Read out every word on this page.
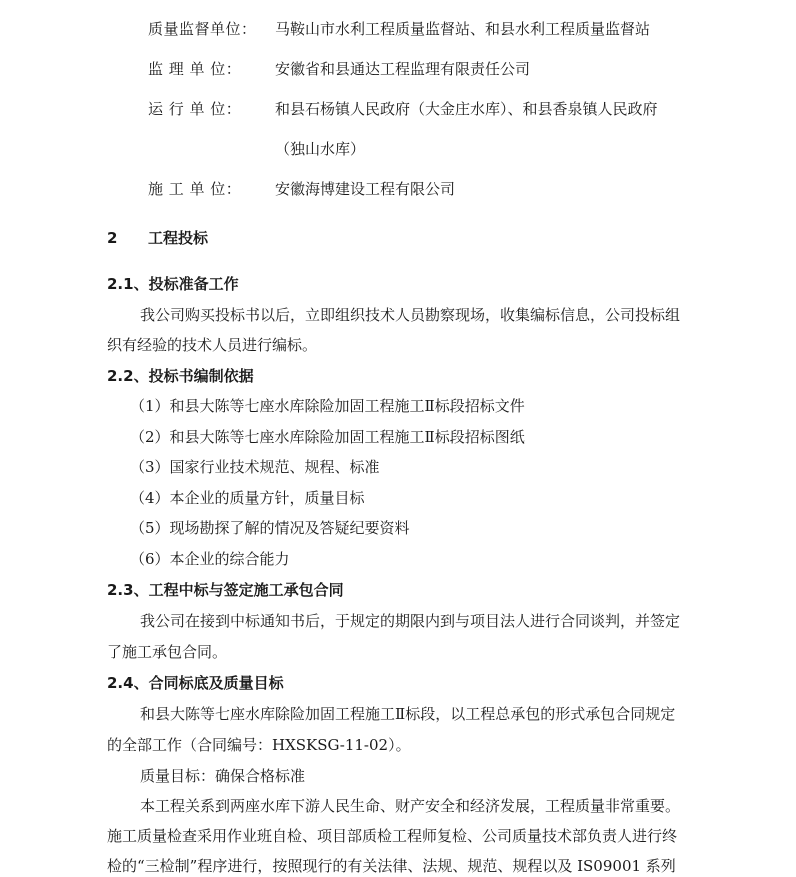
质量监督单位： 马鞍山市水利工程质量监督站、和县水利工程质量监督站
监 理 单 位： 安徽省和县通达工程监理有限责任公司
运 行 单 位： 和县石杨镇人民政府（大金庄水库）、和县香泉镇人民政府
（独山水库）
施 工 单 位： 安徽海博建设工程有限公司
2 工程投标
2.1、投标准备工作
我公司购买投标书以后，立即组织技术人员勘察现场，收集编标信息，公司投标组
织有经验的技术人员进行编标。
2.2、投标书编制依据
（1）和县大陈等七座水库除险加固工程施工Ⅱ标段招标文件
（2）和县大陈等七座水库除险加固工程施工Ⅱ标段招标图纸
（3）国家行业技术规范、规程、标准
（4）本企业的质量方针，质量目标
（5）现场勘探了解的情况及答疑纪要资料
（6）本企业的综合能力
2.3、工程中标与签定施工承包合同
我公司在接到中标通知书后，于规定的期限内到与项目法人进行合同谈判，并签定
了施工承包合同。
2.4、合同标底及质量目标
和县大陈等七座水库除险加固工程施工Ⅱ标段，以工程总承包的形式承包合同规定
的全部工作（合同编号：HXSKSG-11-02）。
质量目标：确保合格标准
本工程关系到两座水库下游人民生命、财产安全和经济发展，工程质量非常重要。
施工质量检查采用作业班自检、项目部质检工程师复检、公司质量技术部负责人进行终
检的“三检制”程序进行，按照现行的有关法律、法规、规范、规程以及 IS09001 系列
